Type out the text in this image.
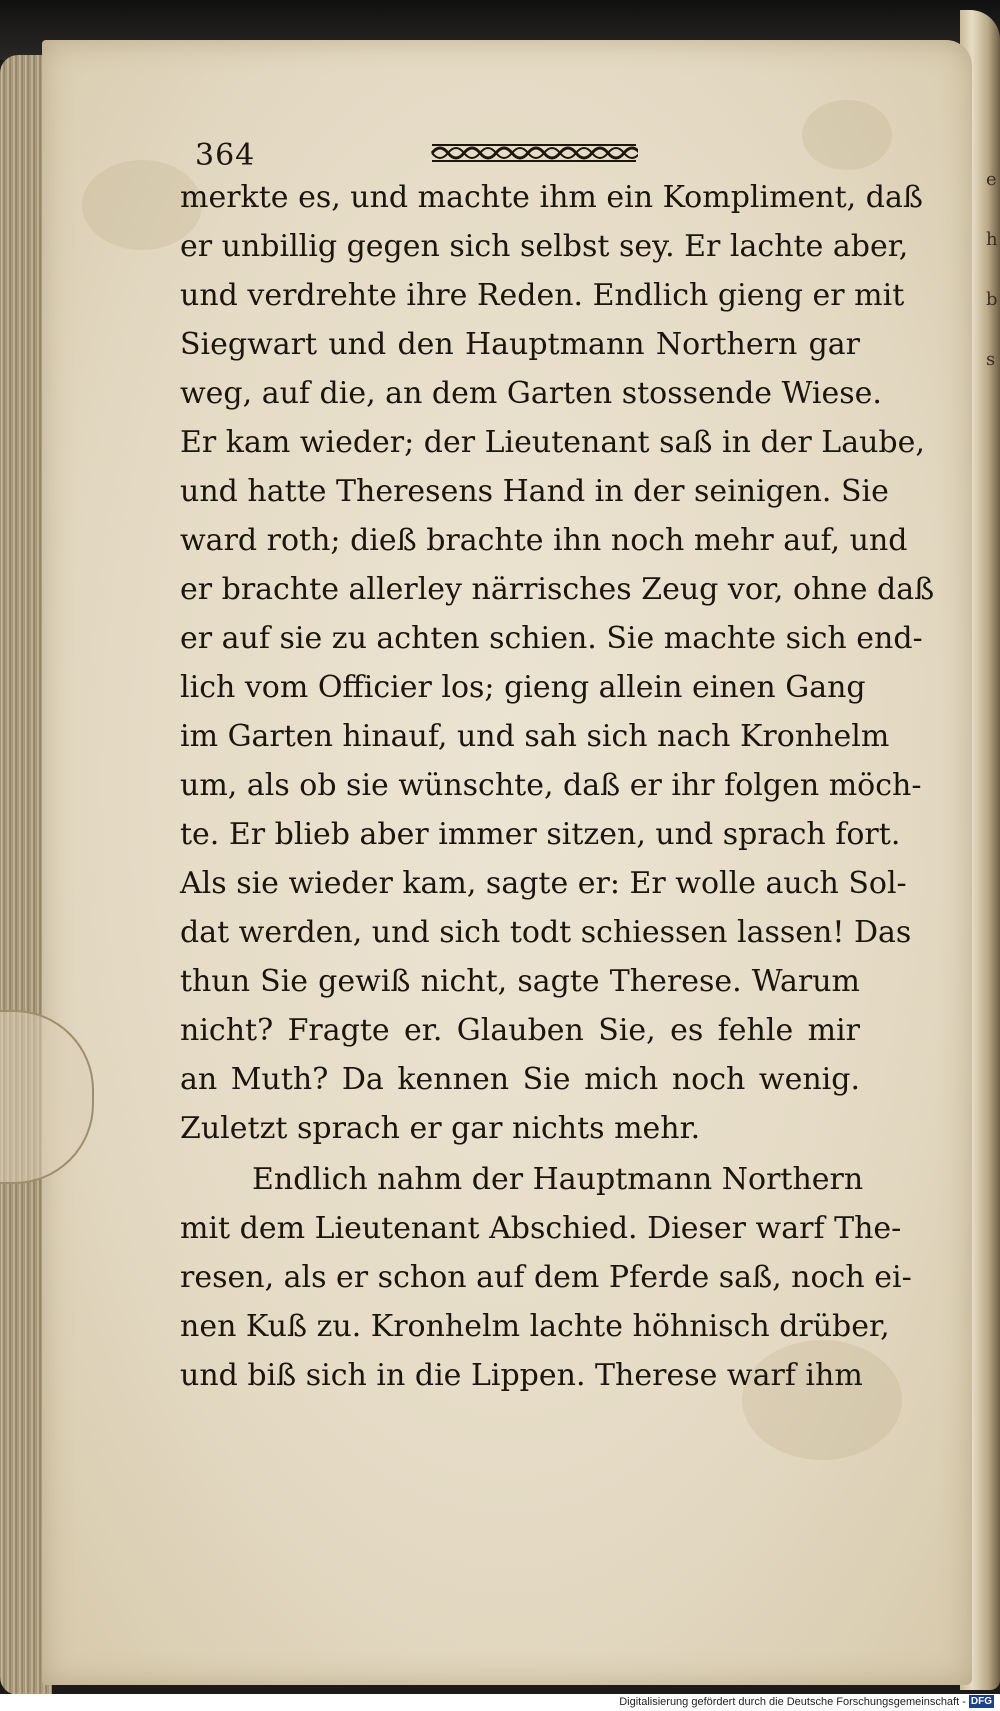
e
h
b
s
364
merkte es, und machte ihm ein Kompliment, daß
er unbillig gegen sich selbst sey. Er lachte aber,
und verdrehte ihre Reden. Endlich gieng er mit
Siegwart und den Hauptmann Northern gar
weg, auf die, an dem Garten stossende Wiese.
Er kam wieder; der Lieutenant saß in der Laube,
und hatte Theresens Hand in der seinigen. Sie
ward roth; dieß brachte ihn noch mehr auf, und
er brachte allerley närrisches Zeug vor, ohne daß
er auf sie zu achten schien. Sie machte sich end-
lich vom Officier los; gieng allein einen Gang
im Garten hinauf, und sah sich nach Kronhelm
um, als ob sie wünschte, daß er ihr folgen möch-
te. Er blieb aber immer sitzen, und sprach fort.
Als sie wieder kam, sagte er: Er wolle auch Sol-
dat werden, und sich todt schiessen lassen! Das
thun Sie gewiß nicht, sagte Therese. Warum
nicht? Fragte er. Glauben Sie, es fehle mir
an Muth? Da kennen Sie mich noch wenig.
Zuletzt sprach er gar nichts mehr.
Endlich nahm der Hauptmann Northern
mit dem Lieutenant Abschied. Dieser warf The-
resen, als er schon auf dem Pferde saß, noch ei-
nen Kuß zu. Kronhelm lachte höhnisch drüber,
und biß sich in die Lippen. Therese warf ihm
Digitalisierung gefördert durch die Deutsche Forschungsgemeinschaft - DFG
